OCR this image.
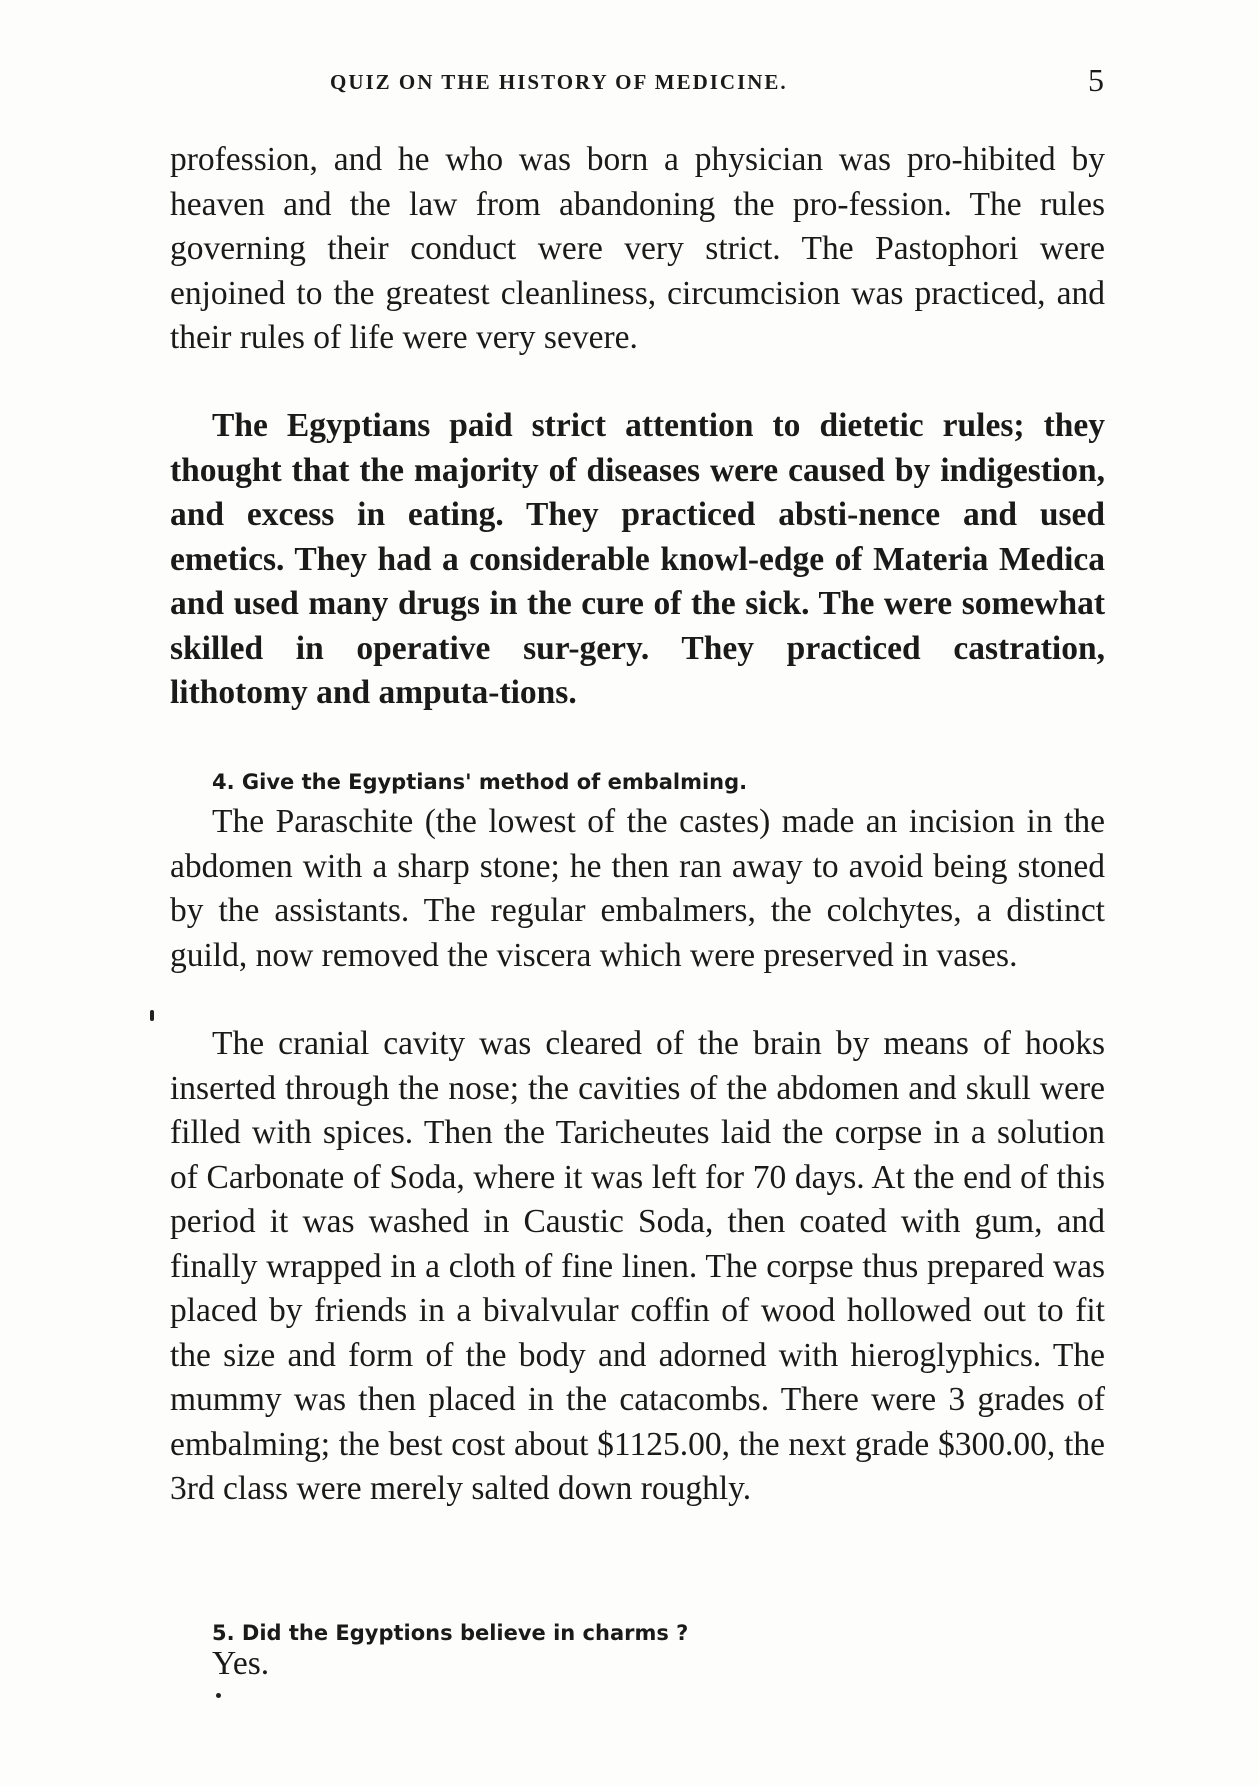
QUIZ ON THE HISTORY OF MEDICINE.	5

profession, and he who was born a physician was pro-hibited by heaven and the law from abandoning the pro-fession. The rules governing their conduct were very strict. The Pastophori were enjoined to the greatest cleanliness, circumcision was practiced, and their rules of life were very severe.

The Egyptians paid strict attention to dietetic rules; they thought that the majority of diseases were caused by indigestion, and excess in eating. They practiced absti-nence and used emetics. They had a considerable knowl-edge of Materia Medica and used many drugs in the cure of the sick. The were somewhat skilled in operative sur-gery. They practiced castration, lithotomy and amputa-tions.

4. Give the Egyptians' method of embalming.

The Paraschite (the lowest of the castes) made an incision in the abdomen with a sharp stone; he then ran away to avoid being stoned by the assistants. The regular embalmers, the colchytes, a distinct guild, now removed the viscera which were preserved in vases.

The cranial cavity was cleared of the brain by means of hooks inserted through the nose; the cavities of the abdomen and skull were filled with spices. Then the Taricheutes laid the corpse in a solution of Carbonate of Soda, where it was left for 70 days. At the end of this period it was washed in Caustic Soda, then coated with gum, and finally wrapped in a cloth of fine linen. The corpse thus prepared was placed by friends in a bivalvular coffin of wood hollowed out to fit the size and form of the body and adorned with hieroglyphics. The mummy was then placed in the catacombs. There were 3 grades of embalming; the best cost about $1125.00, the next grade $300.00, the 3rd class were merely salted down roughly.

5. Did the Egyptions believe in charms ?
Yes.
